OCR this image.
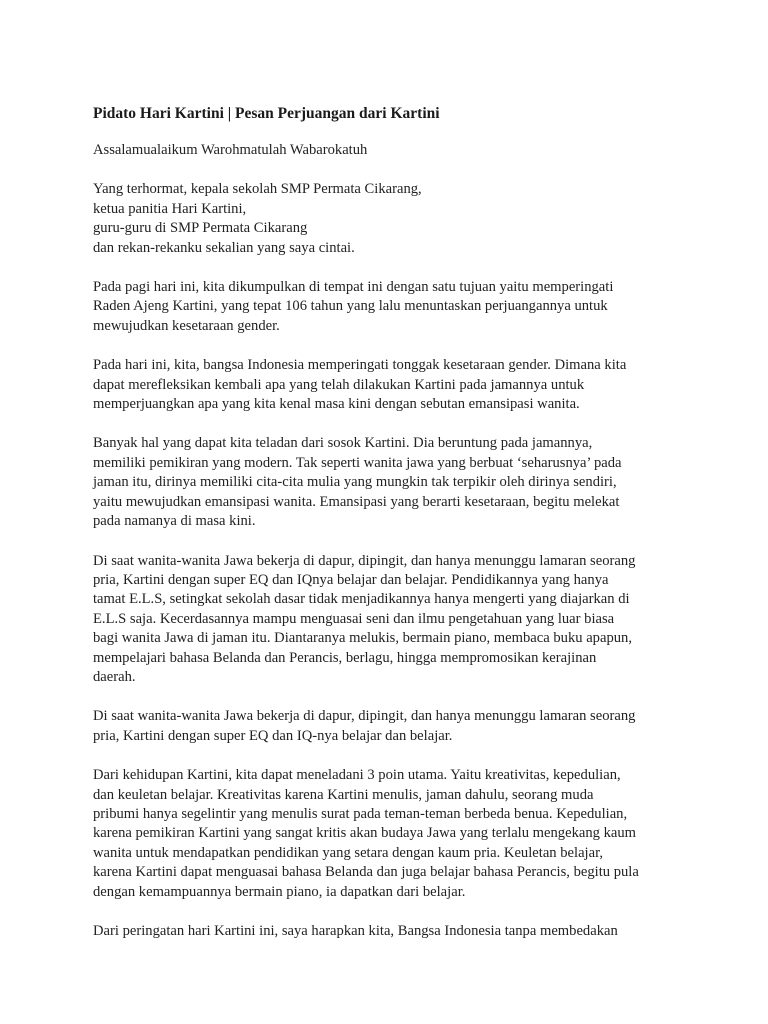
Pidato Hari Kartini | Pesan Perjuangan dari Kartini
Assalamualaikum Warohmatulah Wabarokatuh
Yang terhormat, kepala sekolah SMP Permata Cikarang,
ketua panitia Hari Kartini,
guru-guru di SMP Permata Cikarang
dan rekan-rekanku sekalian yang saya cintai.
Pada pagi hari ini, kita dikumpulkan di tempat ini dengan satu tujuan yaitu memperingati
Raden Ajeng Kartini, yang tepat 106 tahun yang lalu menuntaskan perjuangannya untuk
mewujudkan kesetaraan gender.
Pada hari ini, kita, bangsa Indonesia memperingati tonggak kesetaraan gender. Dimana kita
dapat merefleksikan kembali apa yang telah dilakukan Kartini pada jamannya untuk
memperjuangkan apa yang kita kenal masa kini dengan sebutan emansipasi wanita.
Banyak hal yang dapat kita teladan dari sosok Kartini. Dia beruntung pada jamannya,
memiliki pemikiran yang modern. Tak seperti wanita jawa yang berbuat ‘seharusnya’ pada
jaman itu, dirinya memiliki cita-cita mulia yang mungkin tak terpikir oleh dirinya sendiri,
yaitu mewujudkan emansipasi wanita. Emansipasi yang berarti kesetaraan, begitu melekat
pada namanya di masa kini.
Di saat wanita-wanita Jawa bekerja di dapur, dipingit, dan hanya menunggu lamaran seorang
pria, Kartini dengan super EQ dan IQnya belajar dan belajar. Pendidikannya yang hanya
tamat E.L.S, setingkat sekolah dasar tidak menjadikannya hanya mengerti yang diajarkan di
E.L.S saja. Kecerdasannya mampu menguasai seni dan ilmu pengetahuan yang luar biasa
bagi wanita Jawa di jaman itu. Diantaranya melukis, bermain piano, membaca buku apapun,
mempelajari bahasa Belanda dan Perancis, berlagu, hingga mempromosikan kerajinan
daerah.
Di saat wanita-wanita Jawa bekerja di dapur, dipingit, dan hanya menunggu lamaran seorang
pria, Kartini dengan super EQ dan IQ-nya belajar dan belajar.
Dari kehidupan Kartini, kita dapat meneladani 3 poin utama. Yaitu kreativitas, kepedulian,
dan keuletan belajar. Kreativitas karena Kartini menulis, jaman dahulu, seorang muda
pribumi hanya segelintir yang menulis surat pada teman-teman berbeda benua. Kepedulian,
karena pemikiran Kartini yang sangat kritis akan budaya Jawa yang terlalu mengekang kaum
wanita untuk mendapatkan pendidikan yang setara dengan kaum pria. Keuletan belajar,
karena Kartini dapat menguasai bahasa Belanda dan juga belajar bahasa Perancis, begitu pula
dengan kemampuannya bermain piano, ia dapatkan dari belajar.
Dari peringatan hari Kartini ini, saya harapkan kita, Bangsa Indonesia tanpa membedakan
